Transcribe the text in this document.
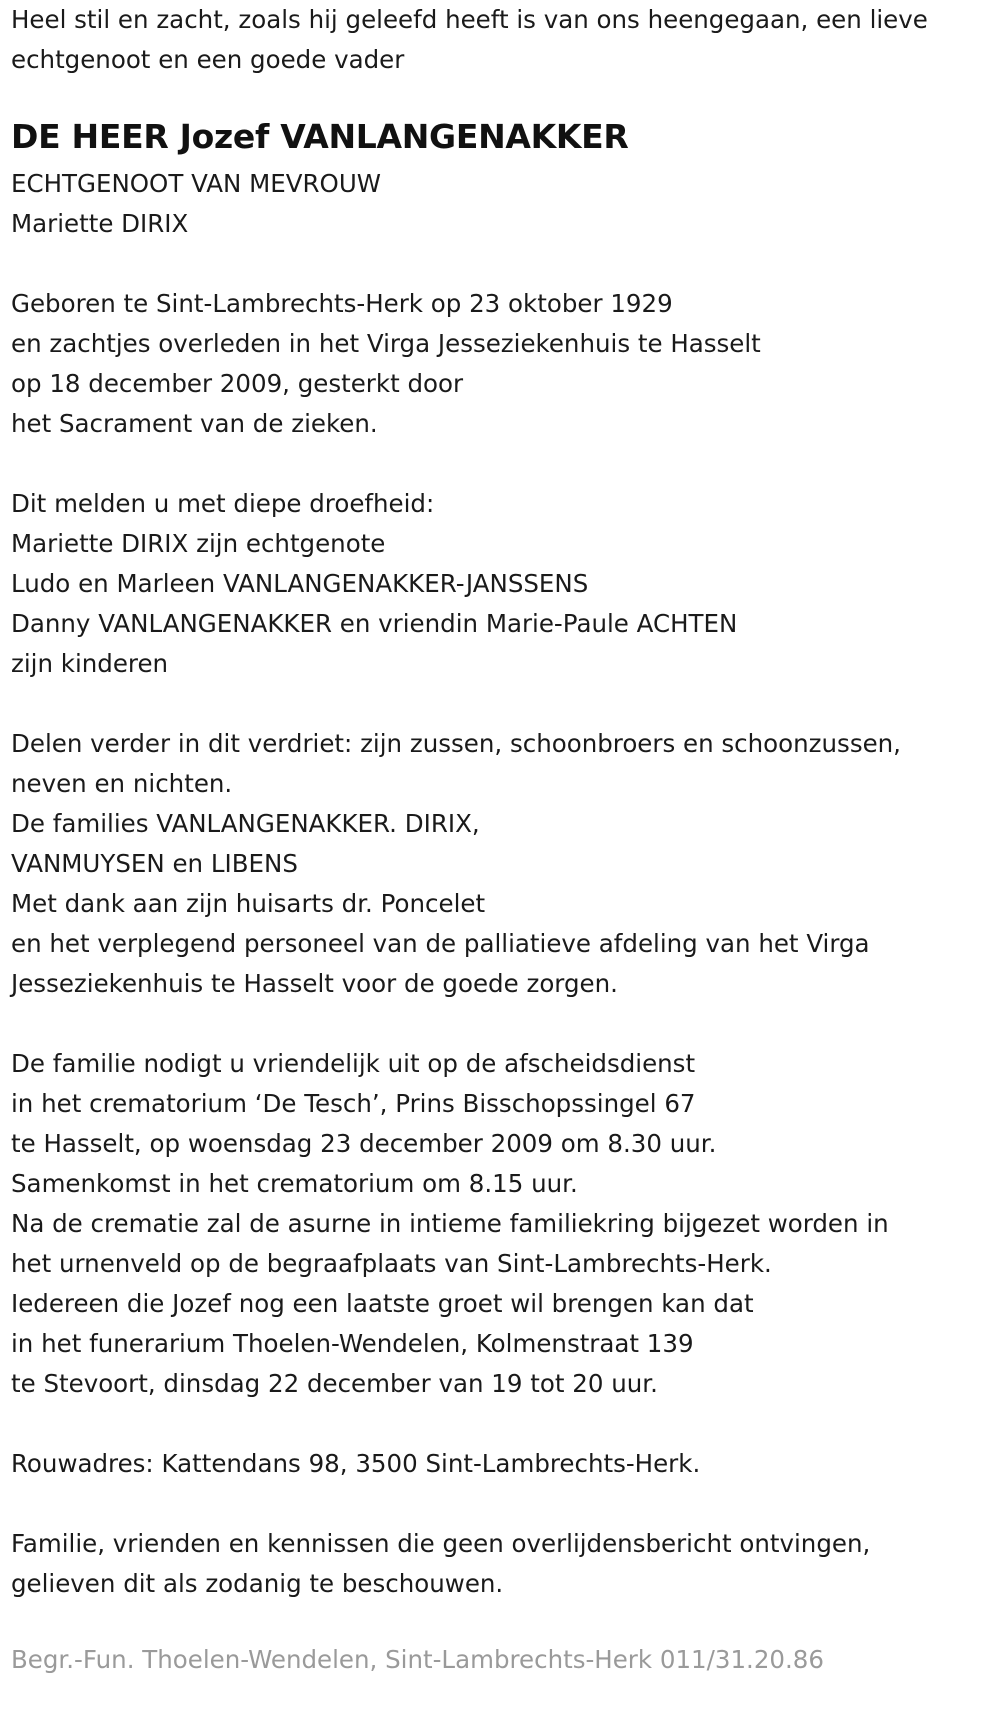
Heel stil en zacht, zoals hij geleefd heeft is van ons heengegaan, een lieve
echtgenoot en een goede vader
DE HEER Jozef VANLANGENAKKER
ECHTGENOOT VAN MEVROUW
Mariette DIRIX
Geboren te Sint-Lambrechts-Herk op 23 oktober 1929
en zachtjes overleden in het Virga Jesseziekenhuis te Hasselt
op 18 december 2009, gesterkt door
het Sacrament van de zieken.
Dit melden u met diepe droefheid:
Mariette DIRIX zijn echtgenote
Ludo en Marleen VANLANGENAKKER-JANSSENS
Danny VANLANGENAKKER en vriendin Marie-Paule ACHTEN
zijn kinderen
Delen verder in dit verdriet: zijn zussen, schoonbroers en schoonzussen,
neven en nichten.
De families VANLANGENAKKER. DIRIX,
VANMUYSEN en LIBENS
Met dank aan zijn huisarts dr. Poncelet
en het verplegend personeel van de palliatieve afdeling van het Virga
Jesseziekenhuis te Hasselt voor de goede zorgen.
De familie nodigt u vriendelijk uit op de afscheidsdienst
in het crematorium ‘De Tesch’, Prins Bisschopssingel 67
te Hasselt, op woensdag 23 december 2009 om 8.30 uur.
Samenkomst in het crematorium om 8.15 uur.
Na de crematie zal de asurne in intieme familiekring bijgezet worden in
het urnenveld op de begraafplaats van Sint-Lambrechts-Herk.
Iedereen die Jozef nog een laatste groet wil brengen kan dat
in het funerarium Thoelen-Wendelen, Kolmenstraat 139
te Stevoort, dinsdag 22 december van 19 tot 20 uur.
Rouwadres: Kattendans 98, 3500 Sint-Lambrechts-Herk.
Familie, vrienden en kennissen die geen overlijdensbericht ontvingen,
gelieven dit als zodanig te beschouwen.
Begr.-Fun. Thoelen-Wendelen, Sint-Lambrechts-Herk 011/31.20.86
